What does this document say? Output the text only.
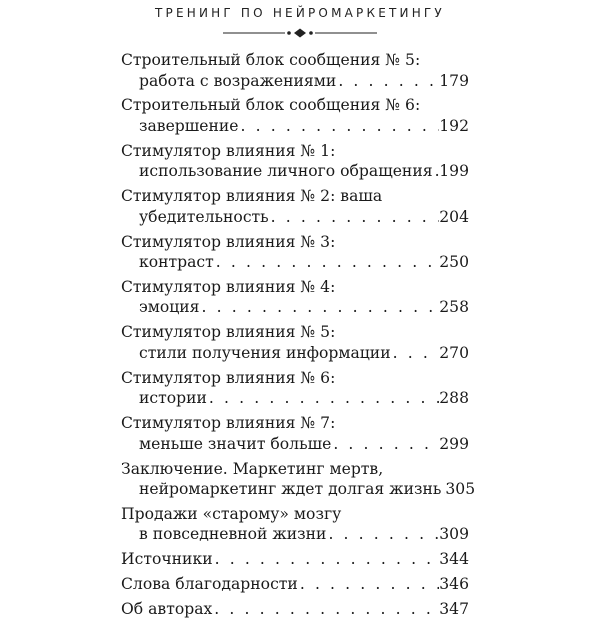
ТРЕНИНГ ПО НЕЙРОМАРКЕТИНГУ
Строительный блок сообщения № 5:
работа с возражениями . . .	179
Строительный блок сообщения № 6:
завершение . . .	192
Стимулятор влияния № 1:
использование личного обращения . . . 199
Стимулятор влияния № 2: ваша
убедительность . . .	204
Стимулятор влияния № 3:
контраст . . .	250
Стимулятор влияния № 4:
эмоция . . .	258
Стимулятор влияния № 5:
стили получения информации . . .	270
Стимулятор влияния № 6:
истории . . .	288
Стимулятор влияния № 7:
меньше значит больше . . .	299
Заключение. Маркетинг мертв,
нейромаркетинг ждет долгая жизнь . . . 305
Продажи «старому» мозгу
в повседневной жизни . . .	309
Источники . . .	344
Слова благодарности . . .	346
Об авторах . . .	347
